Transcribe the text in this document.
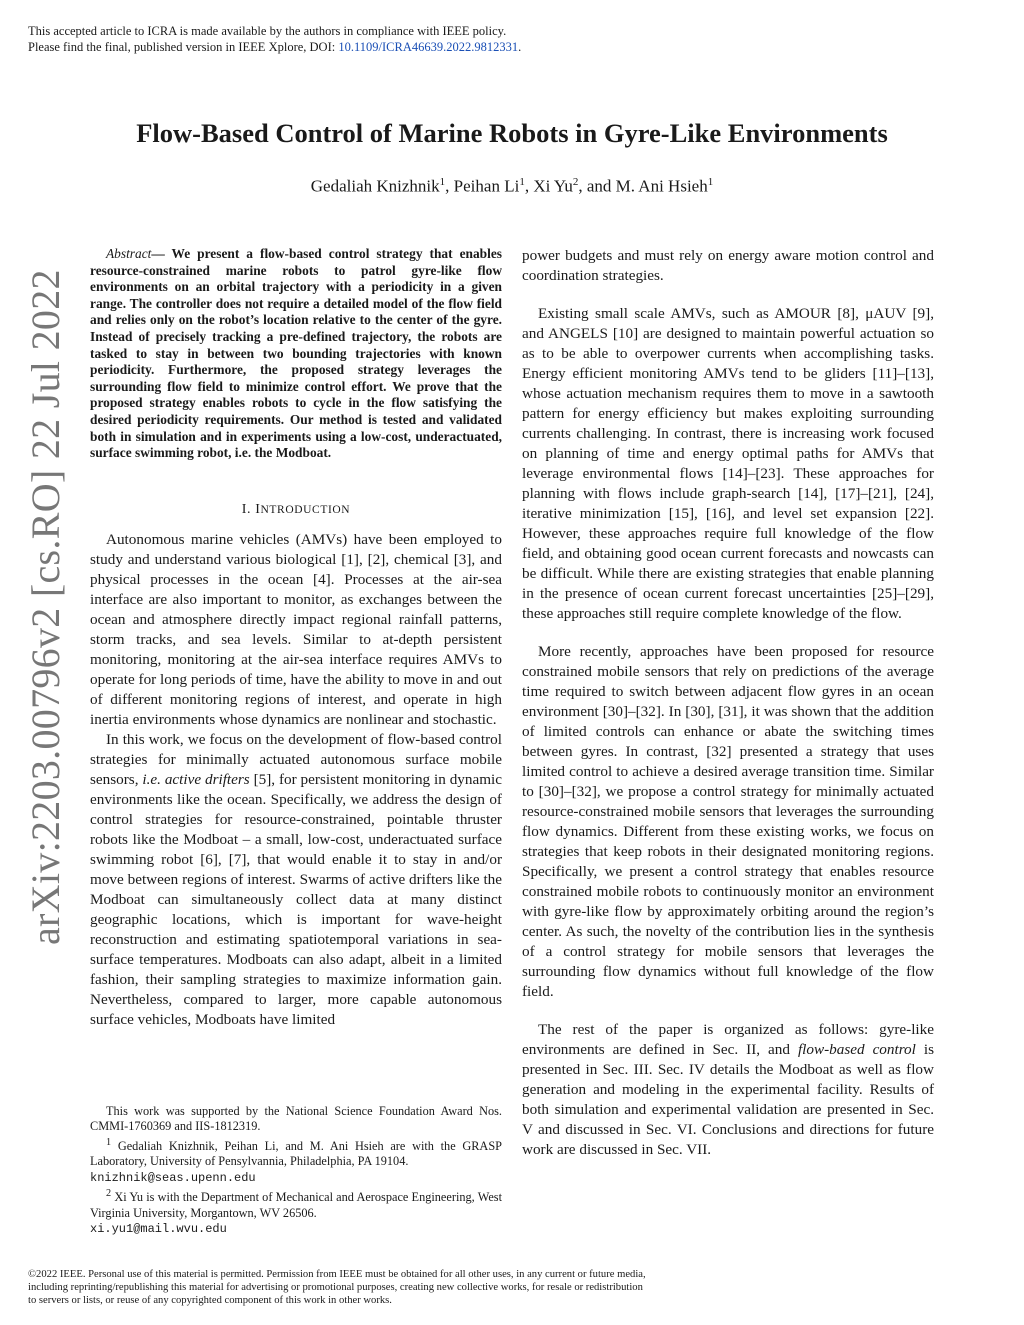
This accepted article to ICRA is made available by the authors in compliance with IEEE policy.
Please find the final, published version in IEEE Xplore, DOI: 10.1109/ICRA46639.2022.9812331.
arXiv:2203.00796v2 [cs.RO] 22 Jul 2022
Flow-Based Control of Marine Robots in Gyre-Like Environments
Gedaliah Knizhnik$^1$, Peihan Li$^1$, Xi Yu$^2$, and M. Ani Hsieh$^1$

Abstract— We present a flow-based control strategy that enables resource-constrained marine robots to patrol gyre-like flow environments on an orbital trajectory with a periodicity in a given range. The controller does not require a detailed model of the flow field and relies only on the robot’s location relative to the center of the gyre. Instead of precisely tracking a pre-defined trajectory, the robots are tasked to stay in between two bounding trajectories with known periodicity. Furthermore, the proposed strategy leverages the surrounding flow field to minimize control effort. We prove that the proposed strategy enables robots to cycle in the flow satisfying the desired periodicity requirements. Our method is tested and validated both in simulation and in experiments using a low-cost, underactuated, surface swimming robot, i.e. the Modboat.

I. INTRODUCTION

Autonomous marine vehicles (AMVs) have been employed to study and understand various biological [1], [2], chemical [3], and physical processes in the ocean [4]. Processes at the air-sea interface are also important to monitor, as exchanges between the ocean and atmosphere directly impact regional rainfall patterns, storm tracks, and sea levels. Similar to at-depth persistent monitoring, monitoring at the air-sea interface requires AMVs to operate for long periods of time, have the ability to move in and out of different monitoring regions of interest, and operate in high inertia environments whose dynamics are nonlinear and stochastic.

In this work, we focus on the development of flow-based control strategies for minimally actuated autonomous surface mobile sensors, i.e. active drifters [5], for persistent monitoring in dynamic environments like the ocean. Specifically, we address the design of control strategies for resource-constrained, pointable thruster robots like the Modboat – a small, low-cost, underactuated surface swimming robot [6], [7], that would enable it to stay in and/or move between regions of interest. Swarms of active drifters like the Modboat can simultaneously collect data at many distinct geographic locations, which is important for wave-height reconstruction and estimating spatiotemporal variations in sea-surface temperatures. Modboats can also adapt, albeit in a limited fashion, their sampling strategies to maximize information gain. Nevertheless, compared to larger, more capable autonomous surface vehicles, Modboats have limited

This work was supported by the National Science Foundation Award Nos. CMMI-1760369 and IIS-1812319.

$^1$ Gedaliah Knizhnik, Peihan Li, and M. Ani Hsieh are with the GRASP Laboratory, University of Pensylvannia, Philadelphia, PA 19104.
knizhnik@seas.upenn.edu

$^2$ Xi Yu is with the Department of Mechanical and Aerospace Engineering, West Virginia University, Morgantown, WV 26506.
xi.yu1@mail.wvu.edu

power budgets and must rely on energy aware motion control and coordination strategies.

Existing small scale AMVs, such as AMOUR [8], μAUV [9], and ANGELS [10] are designed to maintain powerful actuation so as to be able to overpower currents when accomplishing tasks. Energy efficient monitoring AMVs tend to be gliders [11]–[13], whose actuation mechanism requires them to move in a sawtooth pattern for energy efficiency but makes exploiting surrounding currents challenging. In contrast, there is increasing work focused on planning of time and energy optimal paths for AMVs that leverage environmental flows [14]–[23]. These approaches for planning with flows include graph-search [14], [17]–[21], [24], iterative minimization [15], [16], and level set expansion [22]. However, these approaches require full knowledge of the flow field, and obtaining good ocean current forecasts and nowcasts can be difficult. While there are existing strategies that enable planning in the presence of ocean current forecast uncertainties [25]–[29], these approaches still require complete knowledge of the flow.

More recently, approaches have been proposed for resource constrained mobile sensors that rely on predictions of the average time required to switch between adjacent flow gyres in an ocean environment [30]–[32]. In [30], [31], it was shown that the addition of limited controls can enhance or abate the switching times between gyres. In contrast, [32] presented a strategy that uses limited control to achieve a desired average transition time. Similar to [30]–[32], we propose a control strategy for minimally actuated resource-constrained mobile sensors that leverages the surrounding flow dynamics. Different from these existing works, we focus on strategies that keep robots in their designated monitoring regions. Specifically, we present a control strategy that enables resource constrained mobile robots to continuously monitor an environment with gyre-like flow by approximately orbiting around the region’s center. As such, the novelty of the contribution lies in the synthesis of a control strategy for mobile sensors that leverages the surrounding flow dynamics without full knowledge of the flow field.

The rest of the paper is organized as follows: gyre-like environments are defined in Sec. II, and flow-based control is presented in Sec. III. Sec. IV details the Modboat as well as flow generation and modeling in the experimental facility. Results of both simulation and experimental validation are presented in Sec. V and discussed in Sec. VI. Conclusions and directions for future work are discussed in Sec. VII.

©2022 IEEE. Personal use of this material is permitted. Permission from IEEE must be obtained for all other uses, in any current or future media,
including reprinting/republishing this material for advertising or promotional purposes, creating new collective works, for resale or redistribution
to servers or lists, or reuse of any copyrighted component of this work in other works.
